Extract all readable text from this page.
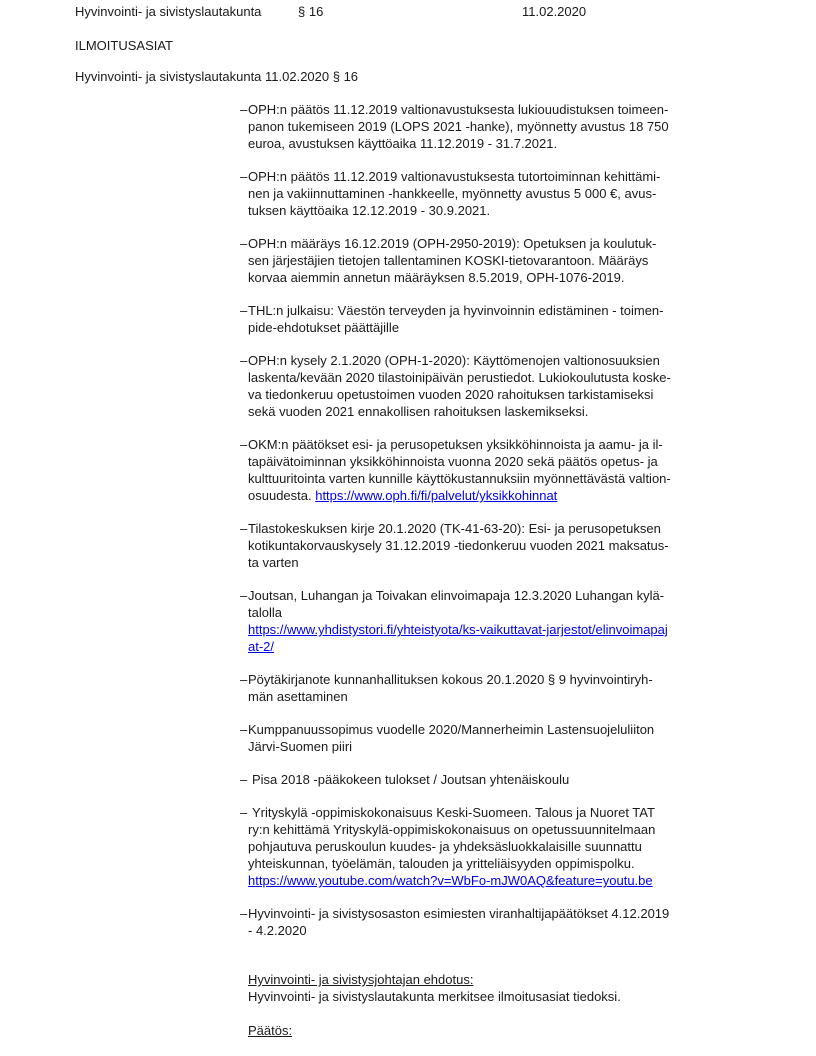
Hyvinvointi- ja sivistyslautakunta	§ 16	11.02.2020
ILMOITUSASIAT
Hyvinvointi- ja sivistyslautakunta 11.02.2020 § 16
– OPH:n päätös 11.12.2019 valtionavustuksesta lukiouudistuksen toimeen-
panon tukemiseen 2019 (LOPS 2021 -hanke), myönnetty avustus 18 750
euroa, avustuksen käyttöaika 11.12.2019 - 31.7.2021.
– OPH:n päätös 11.12.2019 valtionavustuksesta tutortoiminnan kehittämi-
nen ja vakiinnuttaminen -hankkeelle, myönnetty avustus 5 000 €, avus-
tuksen käyttöaika 12.12.2019 - 30.9.2021.
– OPH:n määräys 16.12.2019 (OPH-2950-2019): Opetuksen ja koulutuk-
sen järjestäjien tietojen tallentaminen KOSKI-tietovarantoon. Määräys
korvaa aiemmin annetun määräyksen 8.5.2019, OPH-1076-2019.
– THL:n julkaisu: Väestön terveyden ja hyvinvoinnin edistäminen - toimen-
pide-ehdotukset päättäjille
– OPH:n kysely 2.1.2020 (OPH-1-2020): Käyttömenojen valtionosuuksien
laskenta/kevään 2020 tilastoinipäivän perustiedot. Lukiokoulutusta koske-
va tiedonkeruu opetustoimen vuoden 2020 rahoituksen tarkistamiseksi
sekä vuoden 2021 ennakollisen rahoituksen laskemikseksi.
– OKM:n päätökset esi- ja perusopetuksen yksikköhinnoista ja aamu- ja il-
tapäivätoiminnan yksikköhinnoista vuonna 2020 sekä päätös opetus- ja
kulttuuritointa varten kunnille käyttökustannuksiin myönnettävästä valtion-
osuudesta. https://www.oph.fi/fi/palvelut/yksikkohinnat
– Tilastokeskuksen kirje 20.1.2020 (TK-41-63-20): Esi- ja perusopetuksen
kotikuntakorvauskysely 31.12.2019 -tiedonkeruu vuoden 2021 maksatus-
ta varten
– Joutsan, Luhangan ja Toivakan elinvoimapaja 12.3.2020 Luhangan kylä-
talolla
https://www.yhdistystori.fi/yhteistyota/ks-vaikuttavat-jarjestot/elinvoimapaj
at-2/
– Pöytäkirjanote kunnanhallituksen kokous 20.1.2020 § 9 hyvinvointiryh-
män asettaminen
– Kumppanuussopimus vuodelle 2020/Mannerheimin Lastensuojeluliiton
Järvi-Suomen piiri
– Pisa 2018 -pääkokeen tulokset / Joutsan yhtenäiskoulu
– Yrityskylä -oppimiskokonaisuus Keski-Suomeen. Talous ja Nuoret TAT
ry:n kehittämä Yrityskylä-oppimiskokonaisuus on opetussuunnitelmaan
pohjautuva peruskoulun kuudes- ja yhdeksäsluokkalaisille suunnattu
yhteiskunnan, työelämän, talouden ja yritteliäisyyden oppimispolku.
https://www.youtube.com/watch?v=WbFo-mJW0AQ&feature=youtu.be
– Hyvinvointi- ja sivistysosaston esimiesten viranhaltijapäätökset 4.12.2019
- 4.2.2020
Hyvinvointi- ja sivistysjohtajan ehdotus:
Hyvinvointi- ja sivistyslautakunta merkitsee ilmoitusasiat tiedoksi.
Päätös:
